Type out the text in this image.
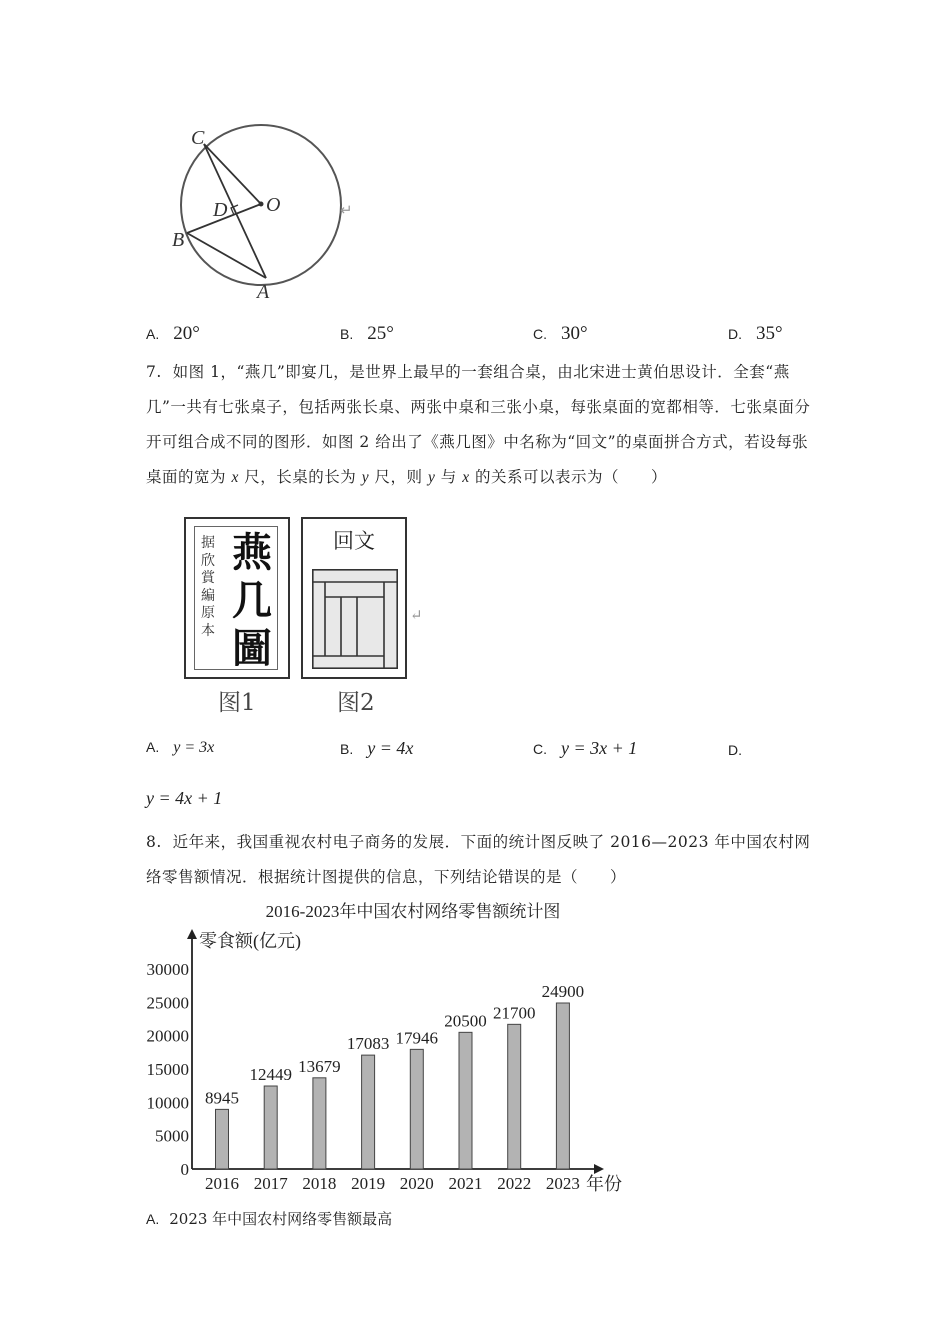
C
O
D
B
A
↵
A. 20°	B. 25°	C. 30°	D. 35°
7. 如图 1，“燕几”即宴几，是世界上最早的一套组合桌，由北宋进士黄伯思设计．全套“燕几”一共有七张桌子，包括两张长桌、两张中桌和三张小桌，每张桌面的宽都相等．七张桌面分开可组合成不同的图形．如图 2 给出了《燕几图》中名称为“回文”的桌面拼合方式，若设每张桌面的宽为 x 尺，长桌的长为 y 尺，则 y 与 x 的关系可以表示为（　　）
据欣賞編原本
燕几圖
回文
↵
图1	图2
A. y = 3x	B. y = 4x	C. y = 3x + 1	D.
y = 4x + 1
8. 近年来，我国重视农村电子商务的发展．下面的统计图反映了 2016—2023 年中国农村网络零售额情况．根据统计图提供的信息，下列结论错误的是（　　）
2016-2023年中国农村网络零售额统计图
零食额(亿元)
年份
0
5000
10000
15000
20000
25000
30000
8945
2016
12449
2017
13679
2018
17083
2019
17946
2020
20500
2021
21700
2022
24900
2023
A. 2023 年中国农村网络零售额最高
